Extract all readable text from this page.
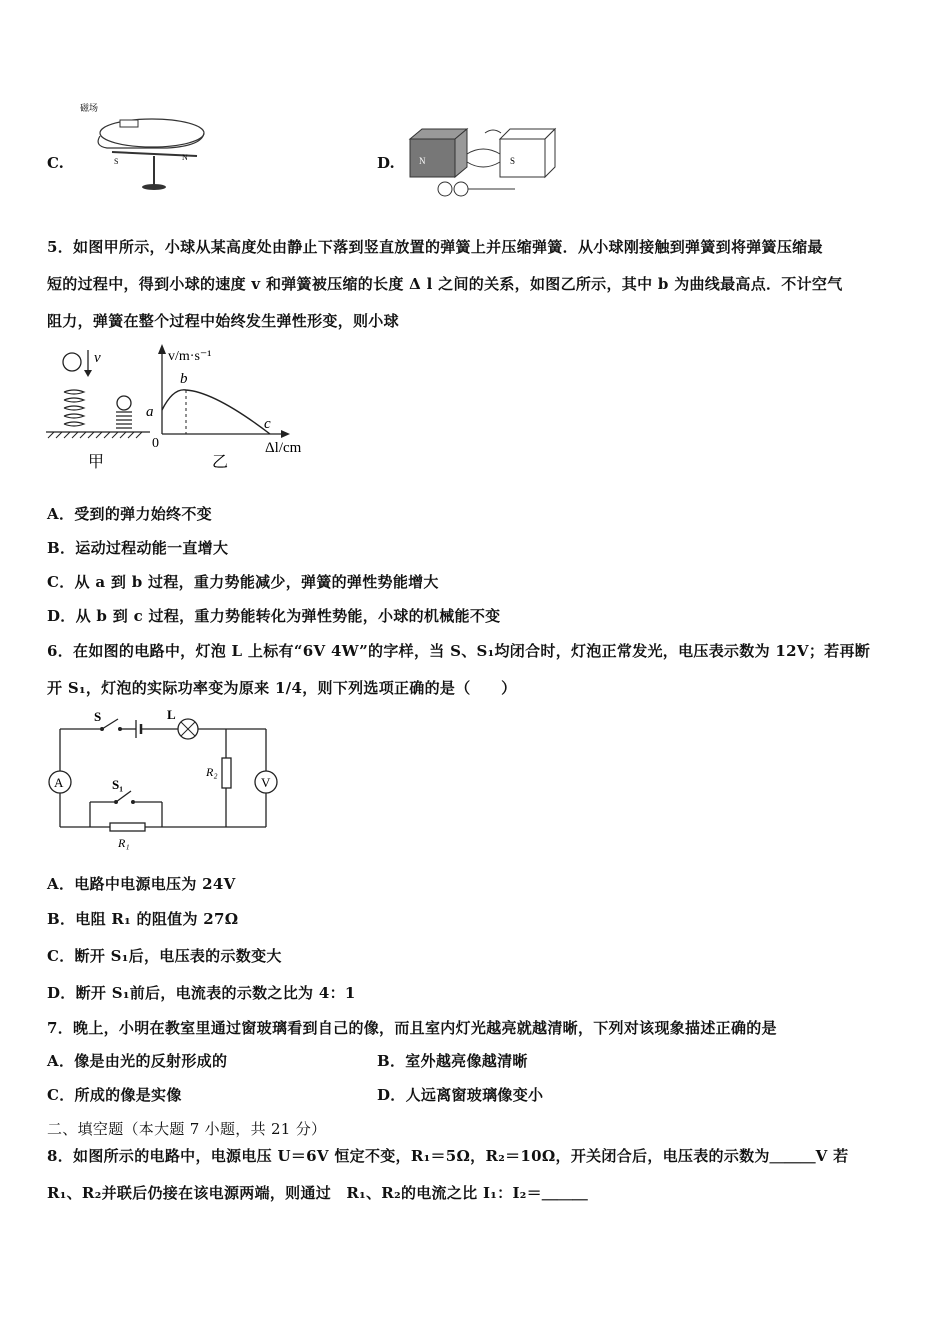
C.
磁场
S	N	D.	N	S
5．如图甲所示，小球从某高度处由静止下落到竖直放置的弹簧上并压缩弹簧．从小球刚接触到弹簧到将弹簧压缩最
短的过程中，得到小球的速度 v 和弹簧被压缩的长度 Δ l 之间的关系，如图乙所示，其中 b 为曲线最高点．不计空气
阻力，弹簧在整个过程中始终发生弹性形变，则小球
v
甲
v/m·s⁻¹
b
a
c
0	Δl/cm
乙
A．受到的弹力始终不变
B．运动过程动能一直增大
C．从 a 到 b 过程，重力势能减少，弹簧的弹性势能增大
D．从 b 到 c 过程，重力势能转化为弹性势能，小球的机械能不变
6．在如图的电路中，灯泡 L 上标有“6V 4W”的字样，当 S、S₁均闭合时，灯泡正常发光，电压表示数为 12V；若再断
开 S₁，灯泡的实际功率变为原来 1/4，则下列选项正确的是（　　）
A
S	L
R₂
V
R₁
S₁
A．电路中电源电压为 24V
B．电阻 R₁ 的阻值为 27Ω
C．断开 S₁后，电压表的示数变大
D．断开 S₁前后，电流表的示数之比为 4：1
7．晚上，小明在教室里通过窗玻璃看到自己的像，而且室内灯光越亮就越清晰，下列对该现象描述正确的是
A．像是由光的反射形成的	B．室外越亮像越清晰
C．所成的像是实像	D．人远离窗玻璃像变小
二、填空题（本大题 7 小题，共 21 分）
8．如图所示的电路中，电源电压 U＝6V 恒定不变，R₁＝5Ω，R₂＝10Ω，开关闭合后，电压表的示数为＿＿＿V 若
R₁、R₂并联后仍接在该电源两端，则通过　R₁、R₂的电流之比 I₁：I₂＝＿＿＿
